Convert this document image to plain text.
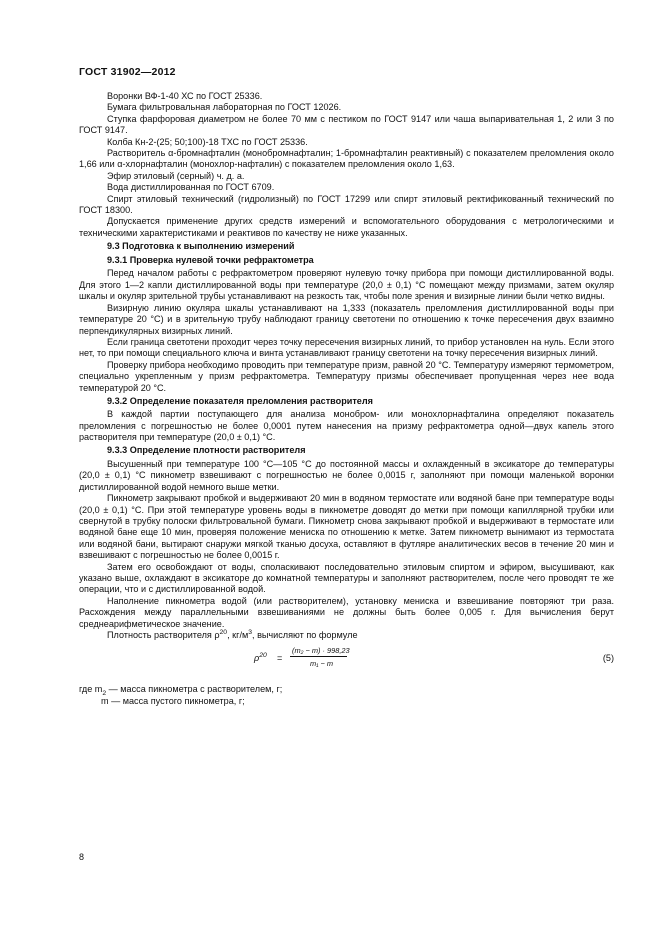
ГОСТ 31902—2012

Воронки ВФ-1-40 ХС по ГОСТ 25336.

Бумага фильтровальная лабораторная по ГОСТ 12026.

Ступка фарфоровая диаметром не более 70 мм с пестиком по ГОСТ 9147 или чаша выпаривательная 1, 2 или 3 по ГОСТ 9147.

Колба Кн-2-(25; 50;100)-18 ТХС по ГОСТ 25336.

Растворитель α-бромнафталин (монобромнафталин; 1-бромнафталин реактивный) с показателем преломления около 1,66 или α-хлорнафталин (монохлор-нафталин) с показателем преломления около 1,63.

Эфир этиловый (серный) ч. д. а.

Вода дистиллированная по ГОСТ 6709.

Спирт этиловый технический (гидролизный) по ГОСТ 17299 или спирт этиловый ректификованный технический по ГОСТ 18300.

Допускается применение других средств измерений и вспомогательного оборудования с метрологическими и техническими характеристиками и реактивов по качеству не ниже указанных.

9.3 Подготовка к выполнению измерений

9.3.1 Проверка нулевой точки рефрактометра

Перед началом работы с рефрактометром проверяют нулевую точку прибора при помощи дистиллированной воды. Для этого 1—2 капли дистиллированной воды при температуре (20,0 ± 0,1) °С помещают между призмами, затем окуляр шкалы и окуляр зрительной трубы устанавливают на резкость так, чтобы поле зрения и визирные линии были четко видны.

Визирную линию окуляра шкалы устанавливают на 1,333 (показатель преломления дистиллированной воды при температуре 20 °С) и в зрительную трубу наблюдают границу светотени по отношению к точке пересечения двух взаимно перпендикулярных визирных линий.

Если граница светотени проходит через точку пересечения визирных линий, то прибор установлен на нуль. Если этого нет, то при помощи специального ключа и винта устанавливают границу светотени на точку пересечения визирных линий.

Проверку прибора необходимо проводить при температуре призм, равной 20 °С. Температуру измеряют термометром, специально укрепленным у призм рефрактометра. Температуру призмы обеспечивает пропущенная через нее вода температурой 20 °С.

9.3.2 Определение показателя преломления растворителя

В каждой партии поступающего для анализа монобром- или монохлорнафталина определяют показатель преломления с погрешностью не более 0,0001 путем нанесения на призму рефрактометра одной—двух капель этого растворителя при температуре (20,0 ± 0,1) °С.

9.3.3 Определение плотности растворителя

Высушенный при температуре 100 °С—105 °С до постоянной массы и охлажденный в эксикаторе до температуры (20,0 ± 0,1) °С пикнометр взвешивают с погрешностью не более 0,0015 г, заполняют при помощи маленькой воронки дистиллированной водой немного выше метки.

Пикнометр закрывают пробкой и выдерживают 20 мин в водяном термостате или водяной бане при температуре воды (20,0 ± 0,1) °С. При этой температуре уровень воды в пикнометре доводят до метки при помощи капиллярной трубки или свернутой в трубку полоски фильтровальной бумаги. Пикнометр снова закрывают пробкой и выдерживают в термостате или водяной бане еще 10 мин, проверяя положение мениска по отношению к метке. Затем пикнометр вынимают из термостата или водяной бани, вытирают снаружи мягкой тканью досуха, оставляют в футляре аналитических весов в течение 20 мин и взвешивают с погрешностью не более 0,0015 г.

Затем его освобождают от воды, споласкивают последовательно этиловым спиртом и эфиром, высушивают, как указано выше, охлаждают в эксикаторе до комнатной температуры и заполняют растворителем, после чего проводят те же операции, что и с дистиллированной водой.

Наполнение пикнометра водой (или растворителем), установку мениска и взвешивание повторяют три раза. Расхождения между параллельными взвешиваниями не должны быть более 0,005 г. Для вычисления берут среднеарифметическое значение.

Плотность растворителя $\rho^{20}$, $кг/м^3$, вычисляют по формуле

$\rho^{20}$ =
(m₂ − m) · 998,23
m₁ − m
(5)

где $m_2$ — масса пикнометра с растворителем, г;

m — масса пустого пикнометра, г;

8
